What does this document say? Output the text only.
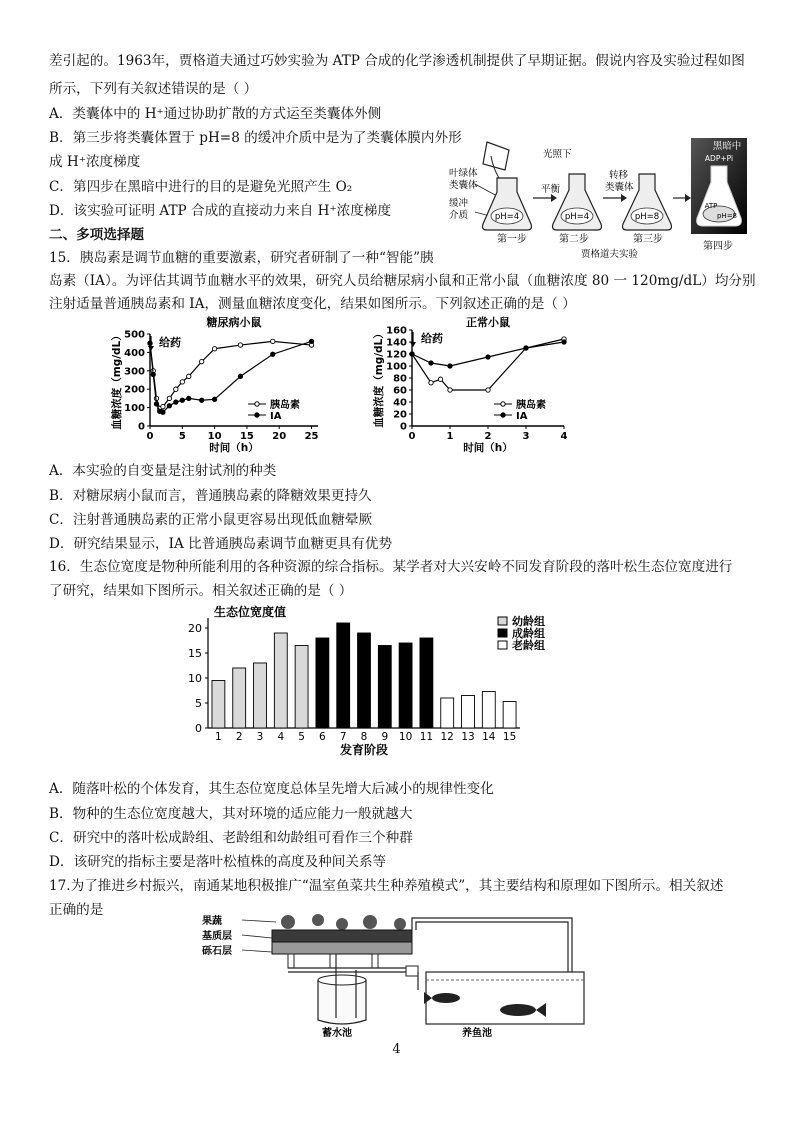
差引起的。1963年，贾格道夫通过巧妙实验为 ATP 合成的化学渗透机制提供了早期证据。假说内容及实验过程如图
所示，下列有关叙述错误的是（ ）
A．类囊体中的 H⁺通过协助扩散的方式运至类囊体外侧
B．第三步将类囊体置于 pH=8 的缓冲介质中是为了类囊体膜内外形
成 H⁺浓度梯度
C．第四步在黑暗中进行的目的是避免光照产生 O₂
D．该实验可证明 ATP 合成的直接动力来自 H⁺浓度梯度
二、多项选择题
叶绿体
类囊体
缓冲
介质	pH=4
第一步
光照下
平衡
pH=4
第二步
转移
类囊体
pH=8
第三步
黑暗中
ADP+Pi
ATP
pH=8
贾格道夫实验
第四步
15．胰岛素是调节血糖的重要激素，研究者研制了一种“智能”胰
岛素（IA）。为评估其调节血糖水平的效果，研究人员给糖尿病小鼠和正常小鼠（血糖浓度 80 一 120mg/dL）均分别
注射适量普通胰岛素和 IA，测量血糖浓度变化，结果如图所示。下列叙述正确的是（ ）
糖尿病小鼠
0
100
200
300
400
500
0	5 10 15 20 25
时间（h）
血糖浓度（mg/dL）	给药
胰岛素
IA
正常小鼠
0
20
40
60
80
100
120
140
160
0	1	2	3	4
时间（h）
血糖浓度（mg/dL）	给药
胰岛素
IA
A．本实验的自变量是注射试剂的种类
B．对糖尿病小鼠而言，普通胰岛素的降糖效果更持久
C．注射普通胰岛素的正常小鼠更容易出现低血糖晕厥
D．研究结果显示，IA 比普通胰岛素调节血糖更具有优势
16．生态位宽度是物种所能利用的各种资源的综合指标。某学者对大兴安岭不同发育阶段的落叶松生态位宽度进行
了研究，结果如下图所示。相关叙述正确的是（ ）
生态位宽度值
0
5
10
15
20
1 2 3 4 5 6 7 8 9 10 11 12 13 14 15
发育阶段
幼龄组
成龄组
老龄组
A．随落叶松的个体发育，其生态位宽度总体呈先增大后减小的规律性变化
B．物种的生态位宽度越大，其对环境的适应能力一般就越大
C．研究中的落叶松成龄组、老龄组和幼龄组可看作三个种群
D．该研究的指标主要是落叶松植株的高度及种间关系等
17.为了推进乡村振兴，南通某地积极推广“温室鱼菜共生种养殖模式”，其主要结构和原理如下图所示。相关叙述
正确的是
果蔬
基质层
砾石层
蓄水池	养鱼池
4
